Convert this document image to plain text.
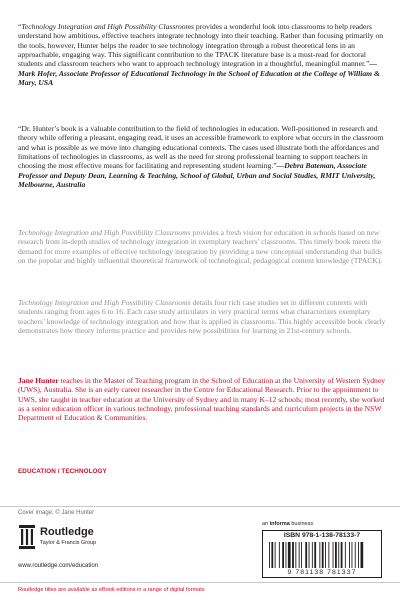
“Technology Integration and High Possibility Classrooms provides a wonderful look into classrooms to help readers understand how ambitious, effective teachers integrate technology into their teaching. Rather than focusing primarily on the tools, however, Hunter helps the reader to see technology integration through a robust theoretical lens in an approachable, engaging way. This significant contribution to the TPACK literature base is a must-read for doctoral students and classroom teachers who want to approach technology integration in a thoughtful, meaningful manner.”—Mark Hofer, Associate Professor of Educational Technology in the School of Education at the College of William & Mary, USA

“Dr. Hunter’s book is a valuable contribution to the field of technologies in education. Well-positioned in research and theory while offering a pleasant, engaging read, it uses an accessible framework to explore what occurs in the classroom and what is possible as we move into changing educational contexts. The cases used illustrate both the affordances and limitations of technologies in classrooms, as well as the need for strong professional learning to support teachers in choosing the most effective means for facilitating and representing student learning.”—Debra Bateman, Associate Professor and Deputy Dean, Learning & Teaching, School of Global, Urban and Social Studies, RMIT University, Melbourne, Australia

Technology Integration and High Possibility Classrooms provides a fresh vision for education in schools based on new research from in-depth studies of technology integration in exemplary teachers’ classrooms. This timely book meets the demand for more examples of effective technology integration by providing a new conceptual understanding that builds on the popular and highly influential theoretical framework of technological, pedagogical content knowledge (TPACK).

Technology Integration and High Possibility Classrooms details four rich case studies set in different contexts with students ranging from ages 6 to 16. Each case study articulates in very practical terms what characterizes exemplary teachers’ knowledge of technology integration and how that is applied in classrooms. This highly accessible book clearly demonstrates how theory informs practice and provides new possibilities for learning in 21st-century schools.

Jane Hunter teaches in the Master of Teaching program in the School of Education at the University of Western Sydney (UWS), Australia. She is an early career researcher in the Centre for Educational Research. Prior to the appointment to UWS, she taught in teacher education at the University of Sydney and in many K–12 schools; most recently, she worked as a senior education officer in various technology, professional teaching standards and curriculum projects in the NSW Department of Education & Communities.

EDUCATION / TECHNOLOGY
Cover image: © Jane Hunter
Routledge
Taylor & Francis Group
www.routledge.com/education
an informa business
ISBN 978-1-138-78133-7
9 781138 781337
Routledge titles are available as eBook editions in a range of digital formats
